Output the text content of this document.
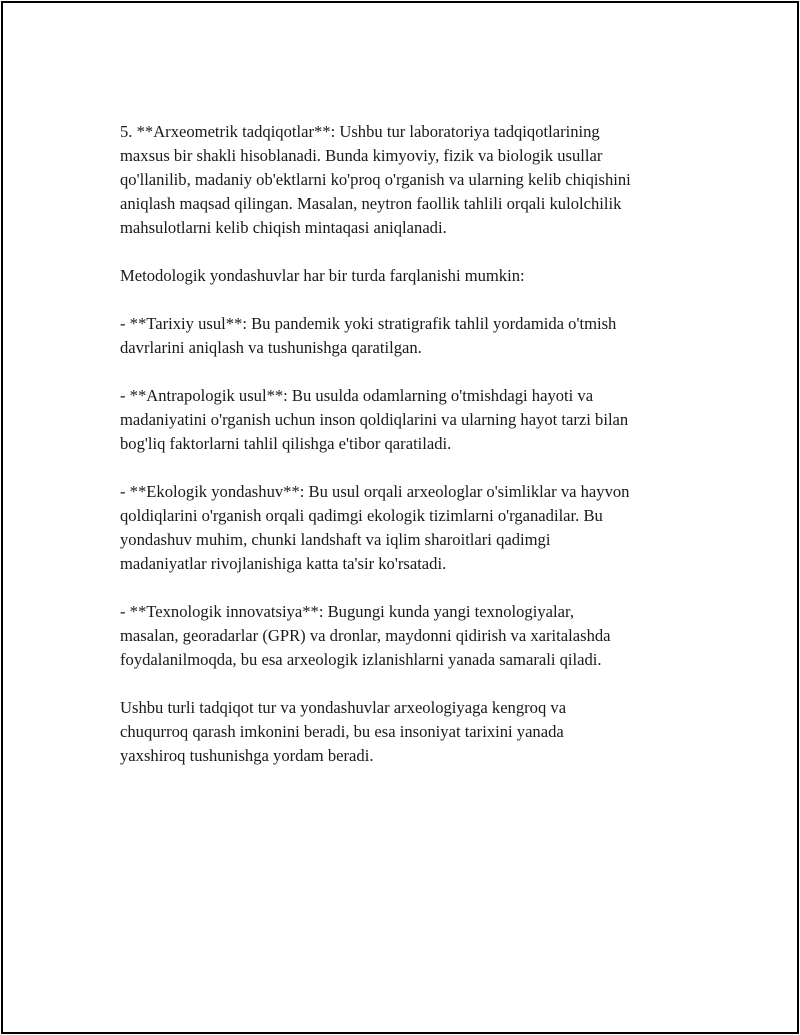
5. **Arxeometrik tadqiqotlar**: Ushbu tur laboratoriya tadqiqotlarining
maxsus bir shakli hisoblanadi. Bunda kimyoviy, fizik va biologik usullar
qo'llanilib, madaniy ob'ektlarni ko'proq o'rganish va ularning kelib chiqishini
aniqlash maqsad qilingan. Masalan, neytron faollik tahlili orqali kulolchilik
mahsulotlarni kelib chiqish mintaqasi aniqlanadi.

Metodologik yondashuvlar har bir turda farqlanishi mumkin:

- **Tarixiy usul**: Bu pandemik yoki stratigrafik tahlil yordamida o'tmish
davrlarini aniqlash va tushunishga qaratilgan.

- **Antrapologik usul**: Bu usulda odamlarning o'tmishdagi hayoti va
madaniyatini o'rganish uchun inson qoldiqlarini va ularning hayot tarzi bilan
bog'liq faktorlarni tahlil qilishga e'tibor qaratiladi.

- **Ekologik yondashuv**: Bu usul orqali arxeologlar o'simliklar va hayvon
qoldiqlarini o'rganish orqali qadimgi ekologik tizimlarni o'rganadilar. Bu
yondashuv muhim, chunki landshaft va iqlim sharoitlari qadimgi
madaniyatlar rivojlanishiga katta ta'sir ko'rsatadi.

- **Texnologik innovatsiya**: Bugungi kunda yangi texnologiyalar,
masalan, georadarlar (GPR) va dronlar, maydonni qidirish va xaritalashda
foydalanilmoqda, bu esa arxeologik izlanishlarni yanada samarali qiladi.

Ushbu turli tadqiqot tur va yondashuvlar arxeologiyaga kengroq va
chuqurroq qarash imkonini beradi, bu esa insoniyat tarixini yanada
yaxshiroq tushunishga yordam beradi.
